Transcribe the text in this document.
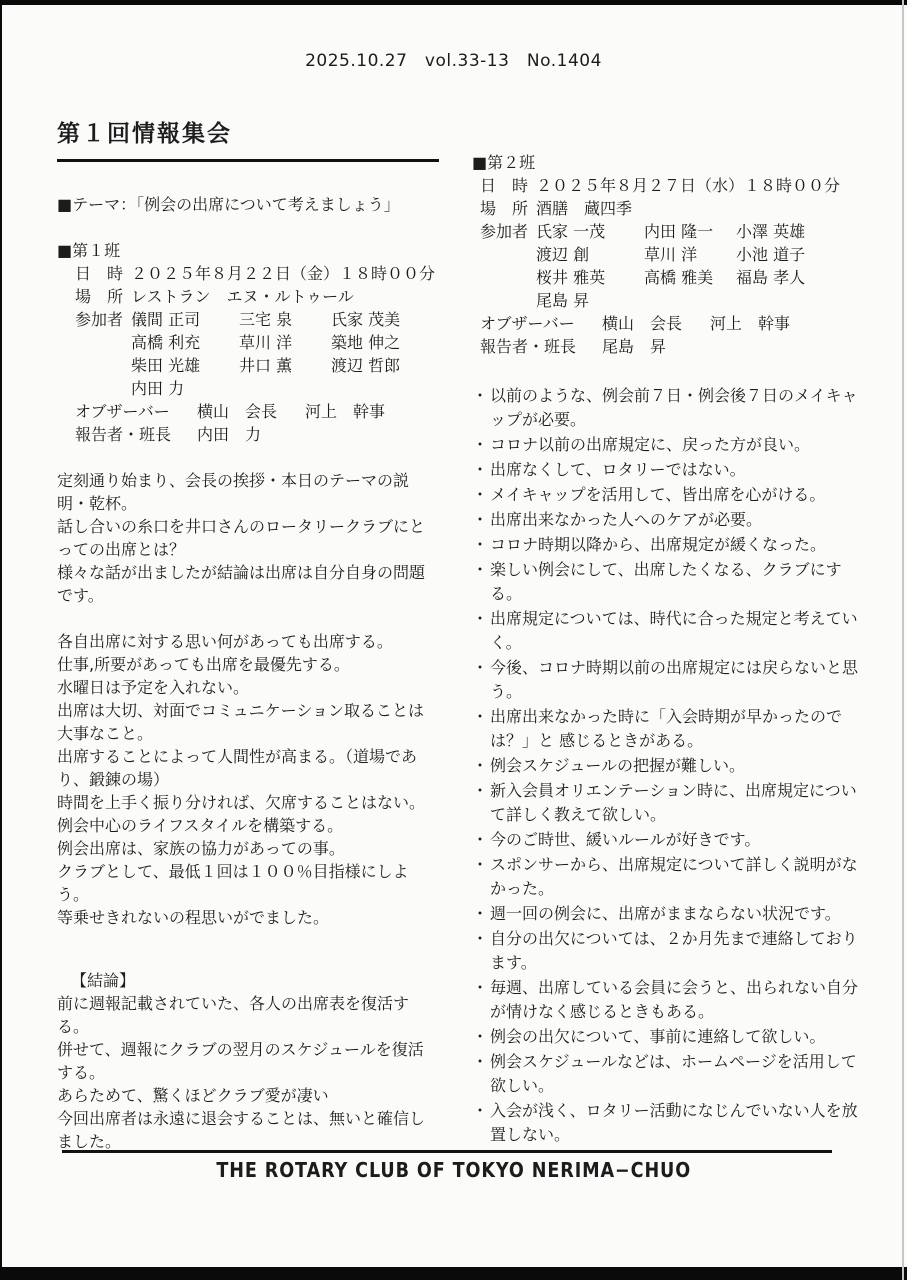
2025.10.27　vol.33-13　No.1404
第１回情報集会
■テーマ：「例会の出席について考えましょう」
■第１班
日　時 ２０２５年８月２２日（金）１８時００分
場　所 レストラン　エヌ・ルトゥール
参加者 儀間 正司	三宅 泉	氏家 茂美
高橋 利充	草川 洋	築地 伸之
柴田 光雄	井口 薫	渡辺 哲郎
内田 力
オブザーバー	横山　会長	河上　幹事
報告者・班長	内田　力

定刻通り始まり、会長の挨拶・本日のテーマの説明・乾杯。

話し合いの糸口を井口さんのロータリークラブにとっての出席とは？

様々な話が出ましたが結論は出席は自分自身の問題です。

各自出席に対する思い何があっても出席する。

仕事,所要があっても出席を最優先する。

水曜日は予定を入れない。

出席は大切、対面でコミュニケーション取ることは大事なこと。

出席することによって人間性が高まる。（道場であり、鍛錬の場）

時間を上手く振り分ければ、欠席することはない。

例会中心のライフスタイルを構築する。

例会出席は、家族の協力があっての事。

クラブとして、最低１回は１００％目指様にしよう。

等乗せきれないの程思いがでました。

【結論】

前に週報記載されていた、各人の出席表を復活する。

併せて、週報にクラブの翌月のスケジュールを復活する。

あらためて、驚くほどクラブ愛が凄い

今回出席者は永遠に退会することは、無いと確信しました。

■第２班
日　時 ２０２５年８月２７日（水）１８時００分
場　所 酒膳　蔵四季
参加者 氏家 一茂	内田 隆一	小澤 英雄
渡辺 創	草川 洋	小池 道子
桜井 雅英	高橋 雅美	福島 孝人
尾島 昇
オブザーバー	横山　会長	河上　幹事
報告者・班長	尾島　昇
・ 以前のような、例会前７日・例会後７日のメイキャップが必要。
・ コロナ以前の出席規定に、戻った方が良い。
・ 出席なくして、ロタリーではない。
・ メイキャップを活用して、皆出席を心がける。
・ 出席出来なかった人へのケアが必要。
・ コロナ時期以降から、出席規定が緩くなった。
・ 楽しい例会にして、出席したくなる、クラブにする。
・ 出席規定については、時代に合った規定と考えていく。
・ 今後、コロナ時期以前の出席規定には戻らないと思う。
・ 出席出来なかった時に「入会時期が早かったのでは？」と 感じるときがある。
・ 例会スケジュールの把握が難しい。
・ 新入会員オリエンテーション時に、出席規定について詳しく教えて欲しい。
・ 今のご時世、緩いルールが好きです。
・ スポンサーから、出席規定について詳しく説明がなかった。
・ 週一回の例会に、出席がままならない状況です。
・ 自分の出欠については、２か月先まで連絡しております。
・ 毎週、出席している会員に会うと、出られない自分が情けなく感じるときもある。
・ 例会の出欠について、事前に連絡して欲しい。
・ 例会スケジュールなどは、ホームページを活用して欲しい。
・ 入会が浅く、ロタリー活動になじんでいない人を放置しない。
THE ROTARY CLUB OF TOKYO NERIMA−CHUO
